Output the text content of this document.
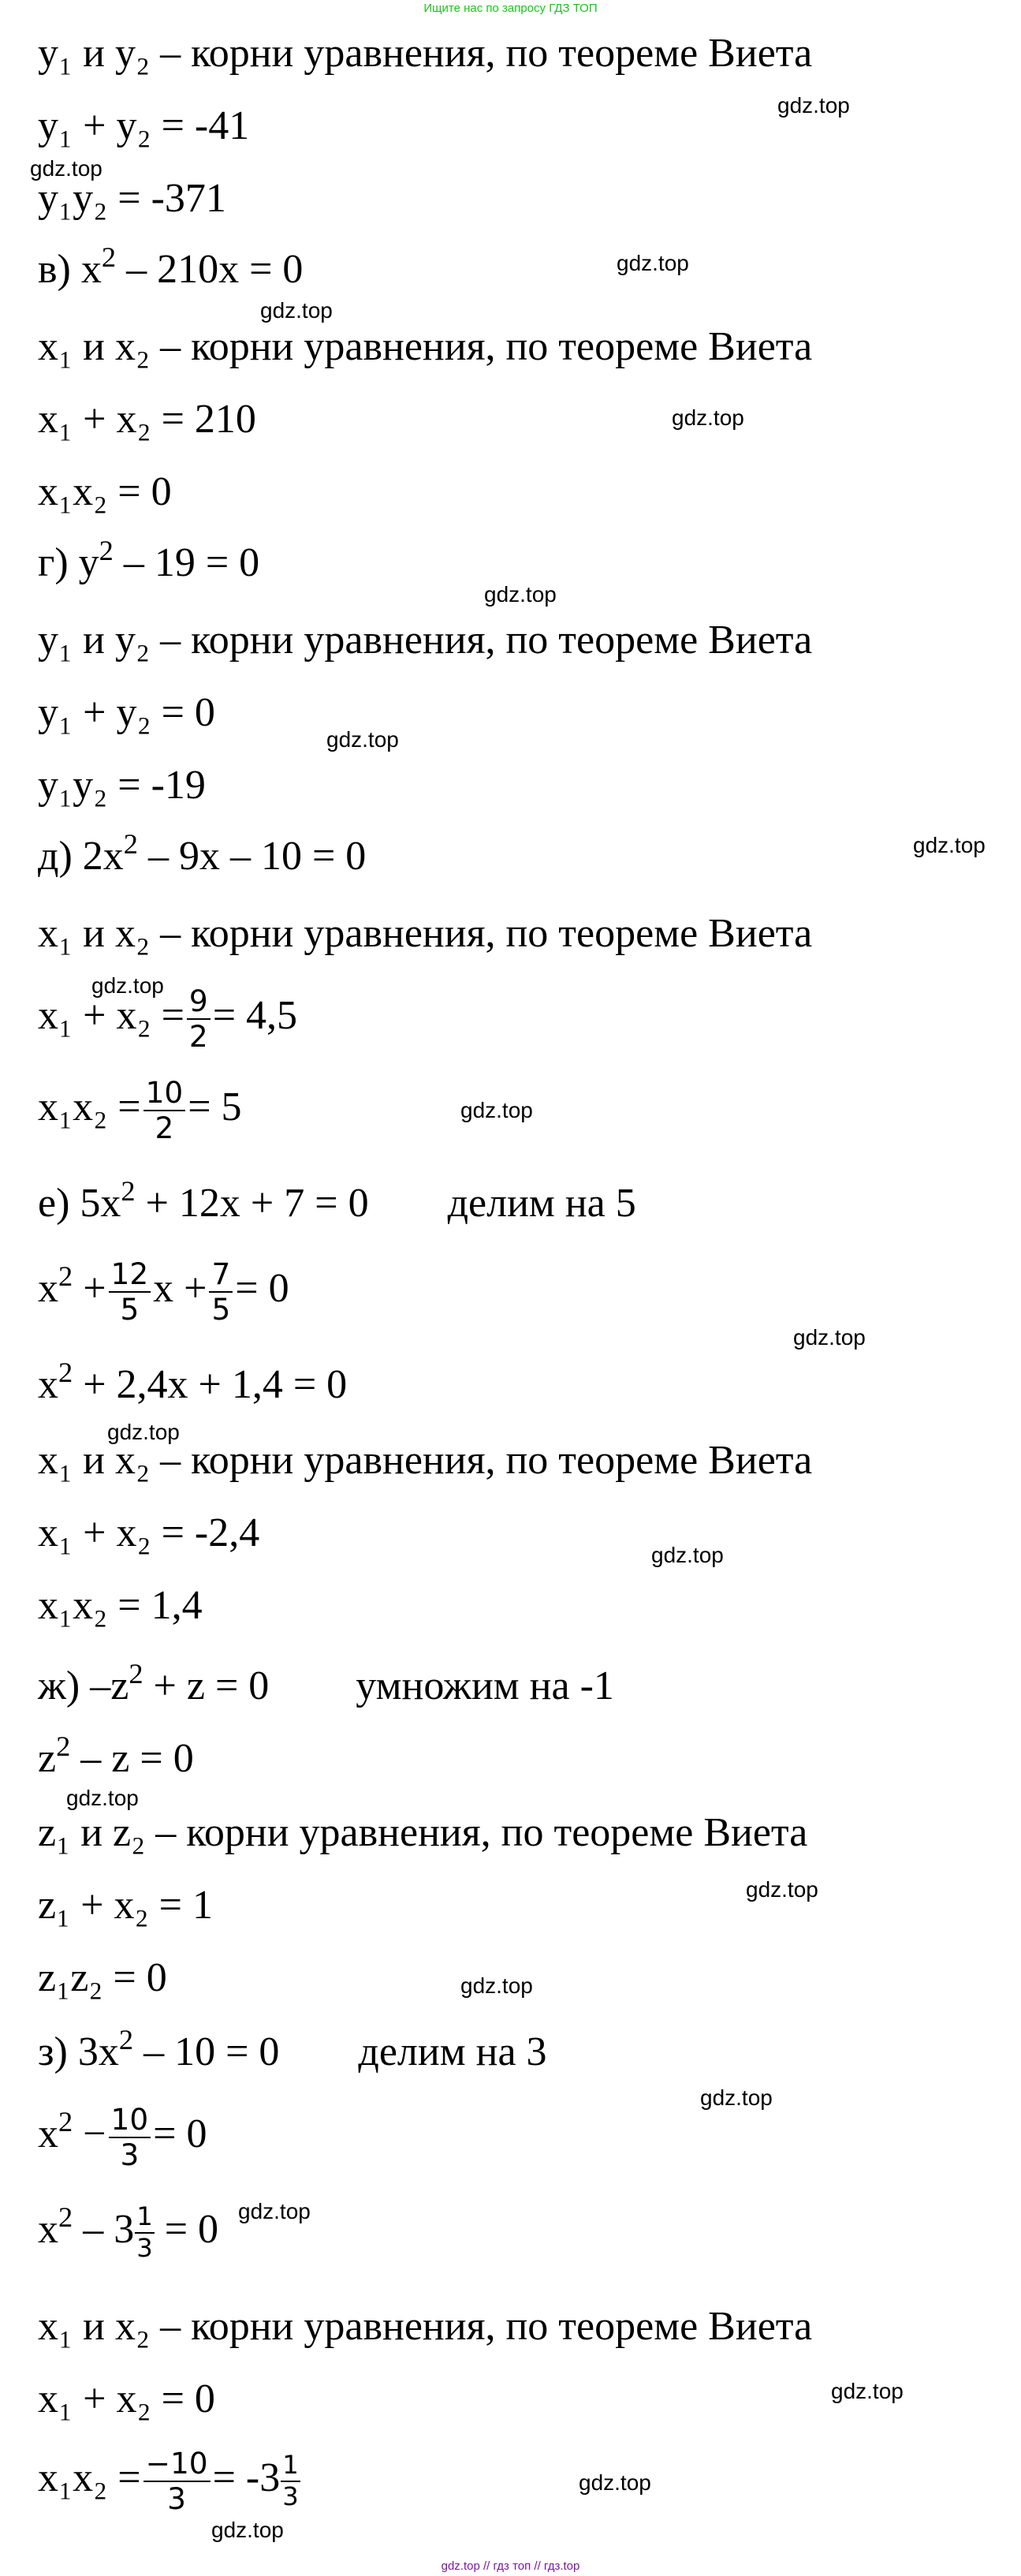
Ищите нас по запросу ГДЗ ТОП
y₁ и y₂ – корни уравнения, по теореме Виета
y₁ + y₂ = -41
y₁y₂ = -371
в) $x^2 - 210x = 0$
x₁ и x₂ – корни уравнения, по теореме Виета
x₁ + x₂ = 210
x₁x₂ = 0
г) $y^2 - 19 = 0$
y₁ и y₂ – корни уравнения, по теореме Виета
y₁ + y₂ = 0
y₁y₂ = -19
д) $2x^2 - 9x - 10 = 0$
x₁ и x₂ – корни уравнения, по теореме Виета
$x_1 + x_2 = \frac{9}{2} = 4,5$
$x_1x_2 = \frac{10}{2} = 5$
е) $5x^2 + 12x + 7 = 0$ делим на 5
$x^2 + \frac{12}{5}$ $x + \frac{7}{5} = 0$
$x^2 + 2,4x + 1,4 = 0$
x₁ и x₂ – корни уравнения, по теореме Виета
x₁ + x₂ = -2,4
x₁x₂ = 1,4
ж) $-z^2 + z = 0$ умножим на -1
$z^2 - z = 0$
z₁ и z₂ – корни уравнения, по теореме Виета
z₁ + x₂ = 1
z₁z₂ = 0
з) $3x^2 - 10 = 0$ делим на 3
$x^2 - \frac{10}{3} = 0$
$x^2 - 3 \frac{1}{3} = 0$
x₁ и x₂ – корни уравнения, по теореме Виета
x₁ + x₂ = 0
$x_1x_2 = \frac{-10}{3} = -3 \frac{1}{3}$
gdz.top
gdz.top
gdz.top
gdz.top
gdz.top
gdz.top
gdz.top
gdz.top
gdz.top
gdz.top
gdz.top
gdz.top
gdz.top
gdz.top
gdz.top
gdz.top
gdz.top
gdz.top
gdz.top
gdz.top
gdz.top
gdz.top // гдз топ // гдз.top
